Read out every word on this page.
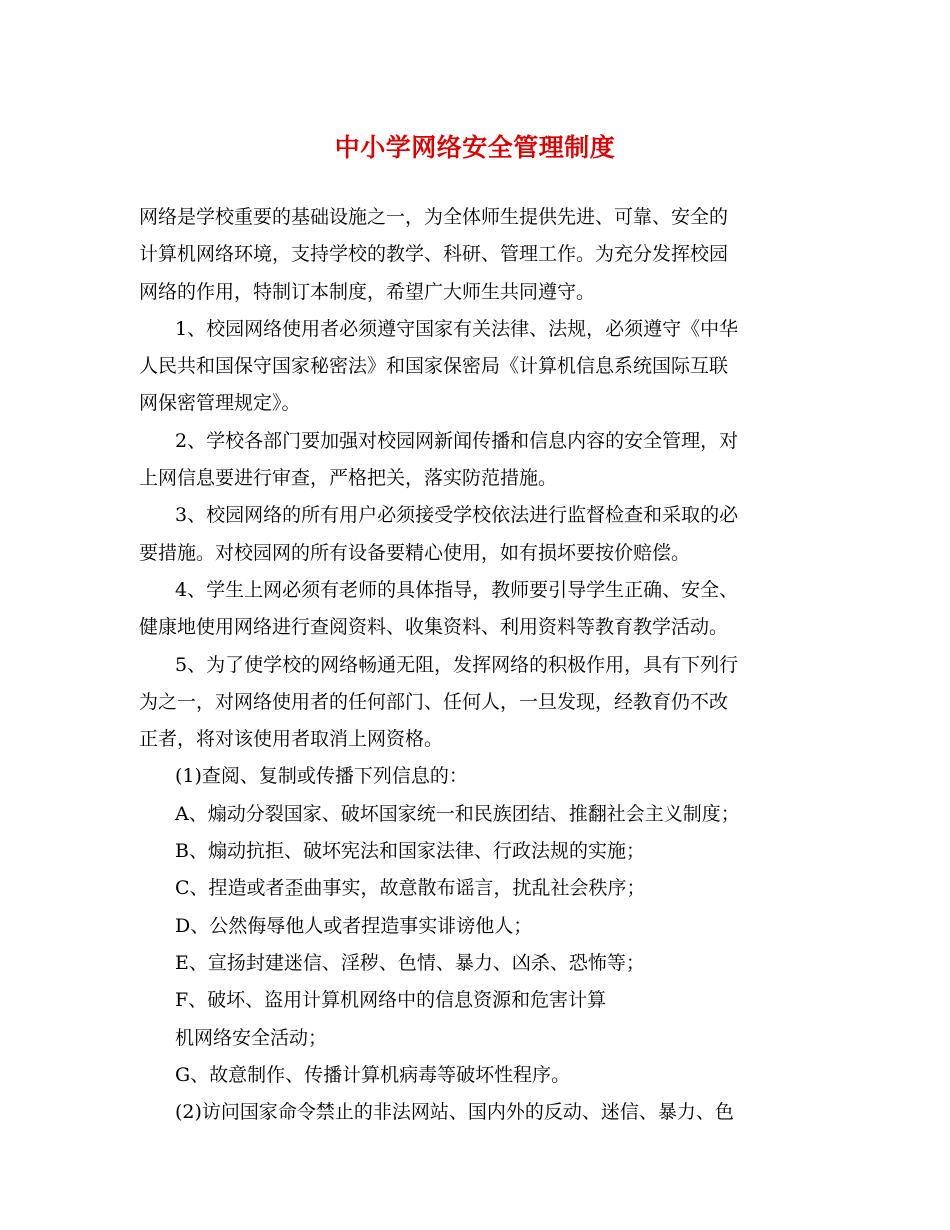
中小学网络安全管理制度
网络是学校重要的基础设施之一，为全体师生提供先进、可靠、安全的
计算机网络环境，支持学校的教学、科研、管理工作。为充分发挥校园
网络的作用，特制订本制度，希望广大师生共同遵守。
1、校园网络使用者必须遵守国家有关法律、法规，必须遵守《中华
人民共和国保守国家秘密法》和国家保密局《计算机信息系统国际互联
网保密管理规定》。
2、学校各部门要加强对校园网新闻传播和信息内容的安全管理，对
上网信息要进行审查，严格把关，落实防范措施。
3、校园网络的所有用户必须接受学校依法进行监督检查和采取的必
要措施。对校园网的所有设备要精心使用，如有损坏要按价赔偿。
4、学生上网必须有老师的具体指导，教师要引导学生正确、安全、
健康地使用网络进行查阅资料、收集资料、利用资料等教育教学活动。
5、为了使学校的网络畅通无阻，发挥网络的积极作用，具有下列行
为之一，对网络使用者的任何部门、任何人，一旦发现，经教育仍不改
正者，将对该使用者取消上网资格。
(1)查阅、复制或传播下列信息的：
A、煽动分裂国家、破坏国家统一和民族团结、推翻社会主义制度；
B、煽动抗拒、破坏宪法和国家法律、行政法规的实施；
C、捏造或者歪曲事实，故意散布谣言，扰乱社会秩序；
D、公然侮辱他人或者捏造事实诽谤他人；
E、宣扬封建迷信、淫秽、色情、暴力、凶杀、恐怖等；
F、破坏、盗用计算机网络中的信息资源和危害计算
机网络安全活动；
G、故意制作、传播计算机病毒等破坏性程序。
(2)访问国家命令禁止的非法网站、国内外的反动、迷信、暴力、色
